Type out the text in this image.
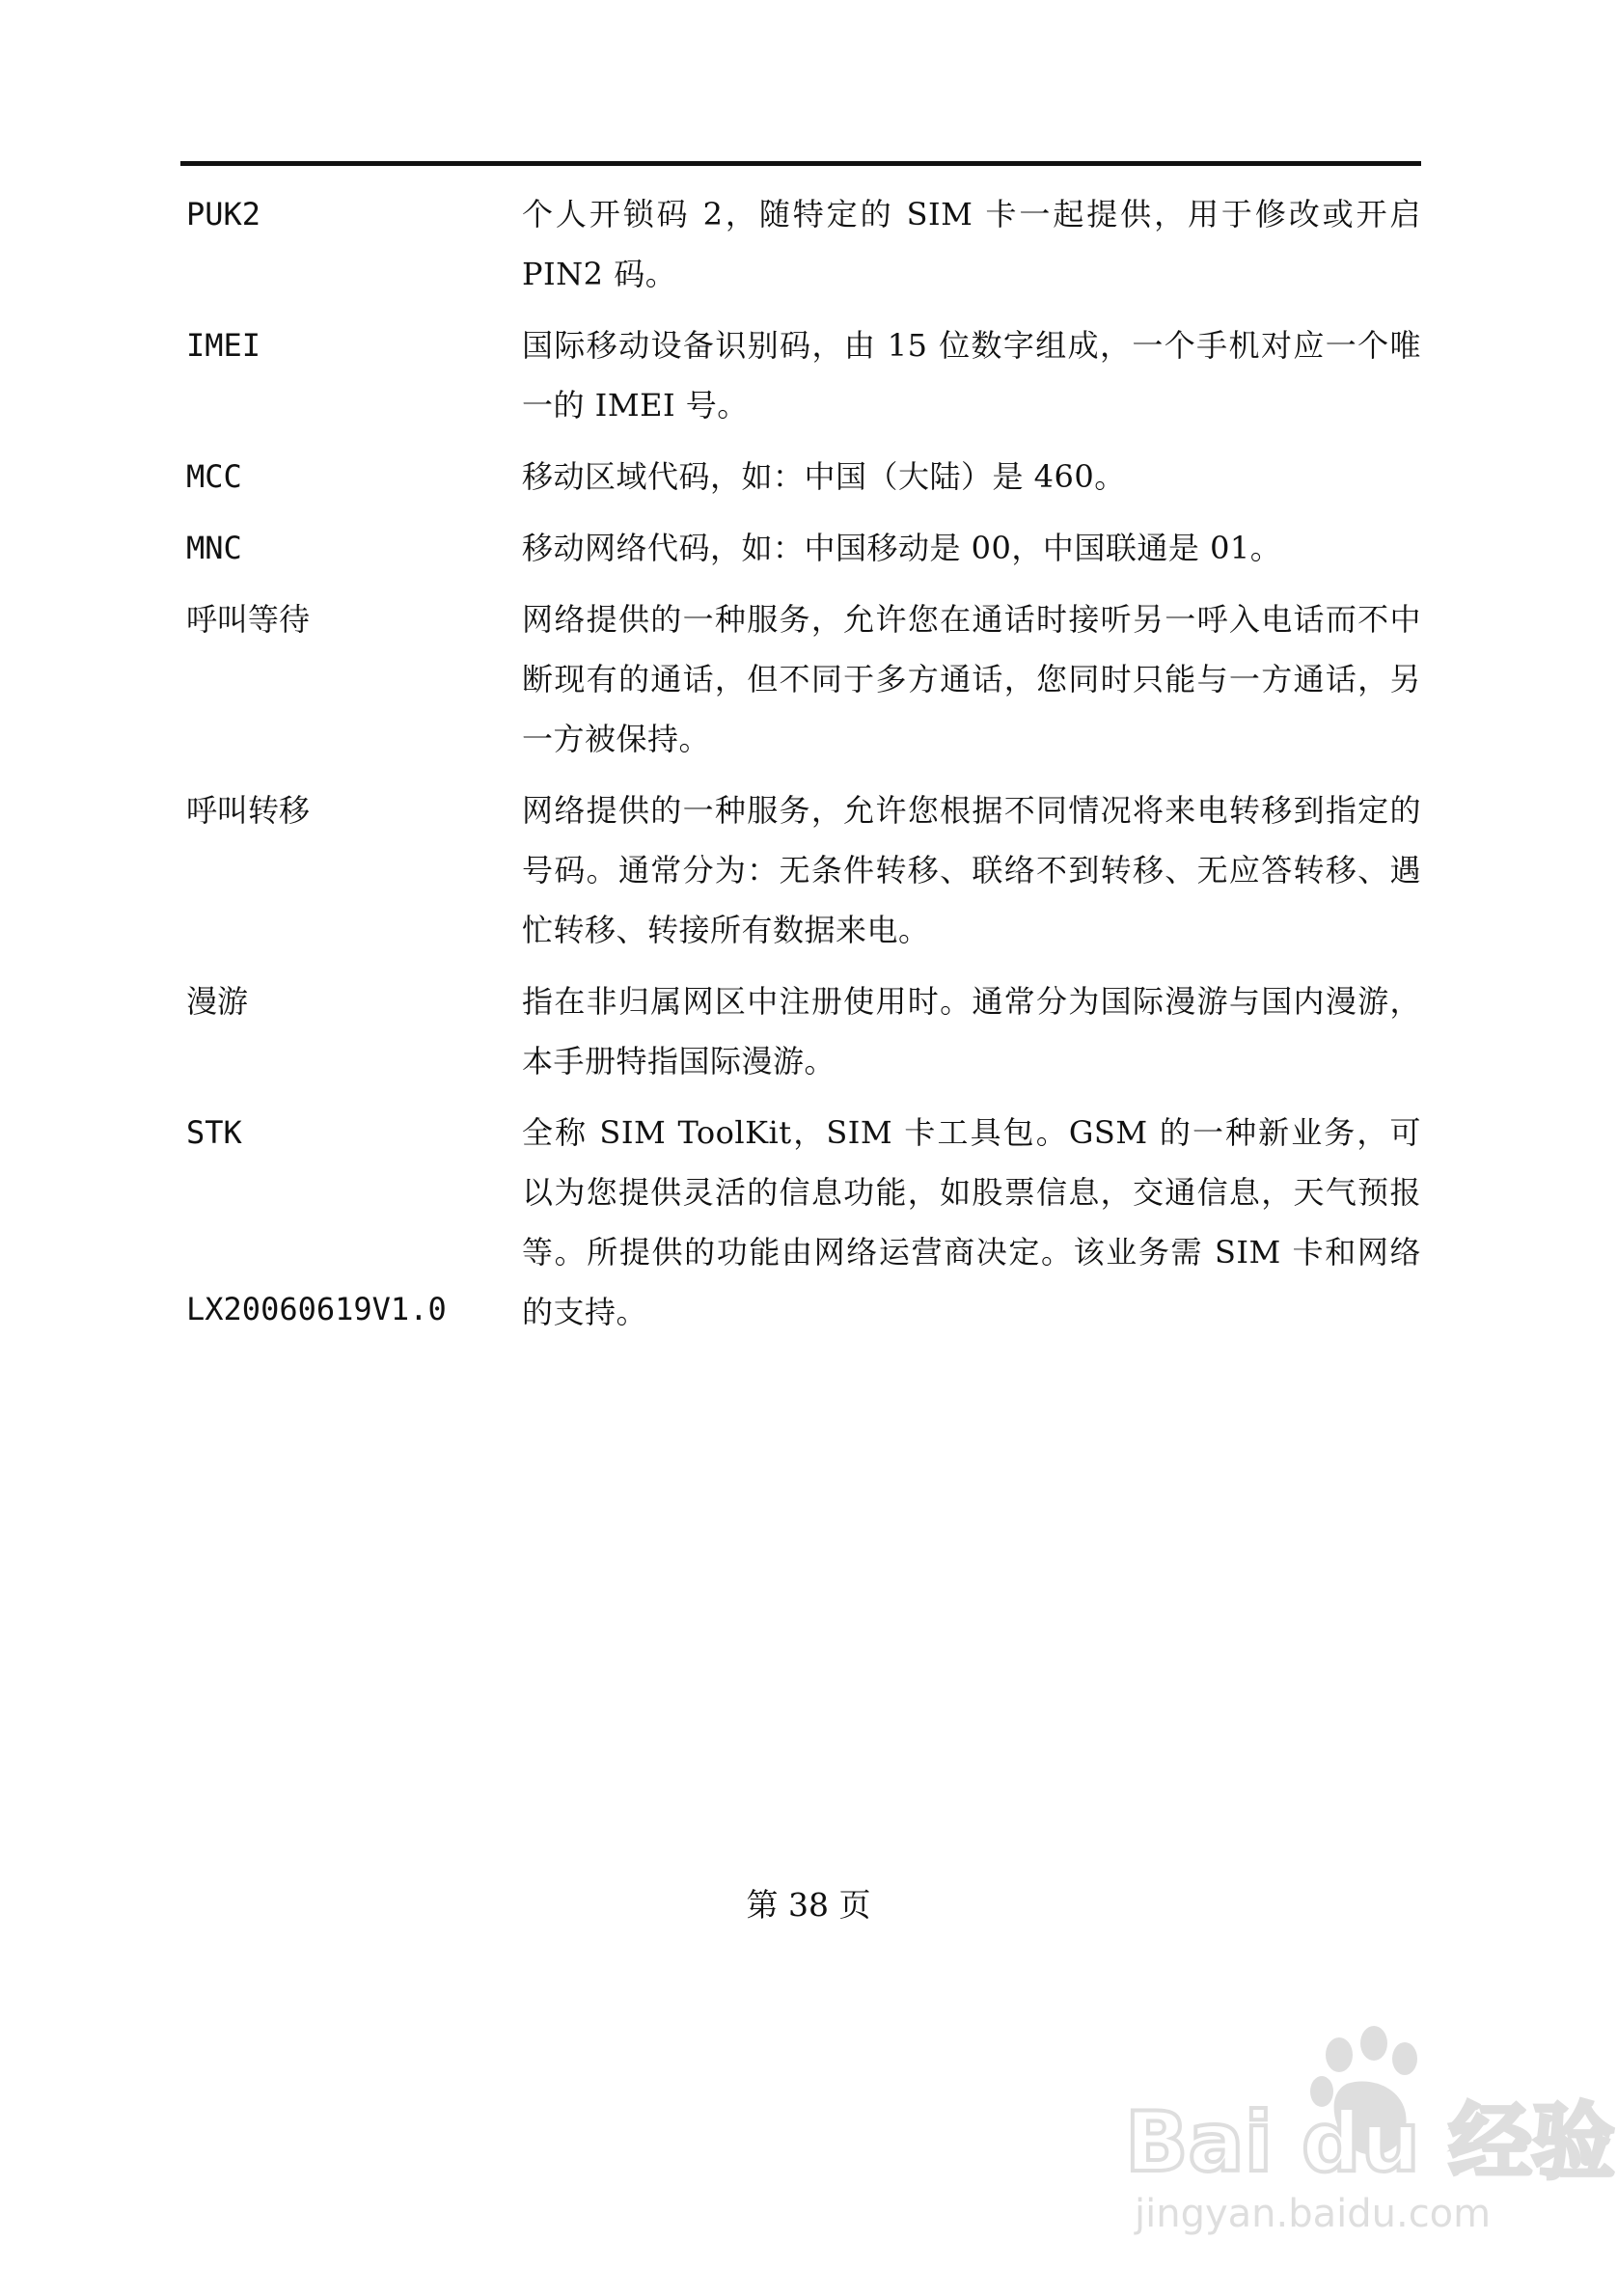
PUK2	个人开锁码 2，随特定的 SIM 卡一起提供，用于修改或开启 PIN2 码。
IMEI	国际移动设备识别码，由 15 位数字组成，一个手机对应一个唯一的 IMEI 号。
MCC	移动区域代码，如：中国（大陆）是 460。
MNC	移动网络代码，如：中国移动是 00，中国联通是 01。
呼叫等待	网络提供的一种服务，允许您在通话时接听另一呼入电话而不中断现有的通话，但不同于多方通话，您同时只能与一方通话，另一方被保持。
呼叫转移	网络提供的一种服务，允许您根据不同情况将来电转移到指定的号码。通常分为：无条件转移、联络不到转移、无应答转移、遇忙转移、转接所有数据来电。
漫游	指在非归属网区中注册使用时。通常分为国际漫游与国内漫游，本手册特指国际漫游。
STK	全称 SIM ToolKit，SIM 卡工具包。GSM 的一种新业务，可以为您提供灵活的信息功能，如股票信息，交通信息，天气预报等。所提供的功能由网络运营商决定。该业务需 SIM 卡和网络的支持。
LX20060619V1.0
第 38 页
Bai du 经验
jingyan.baidu.com
